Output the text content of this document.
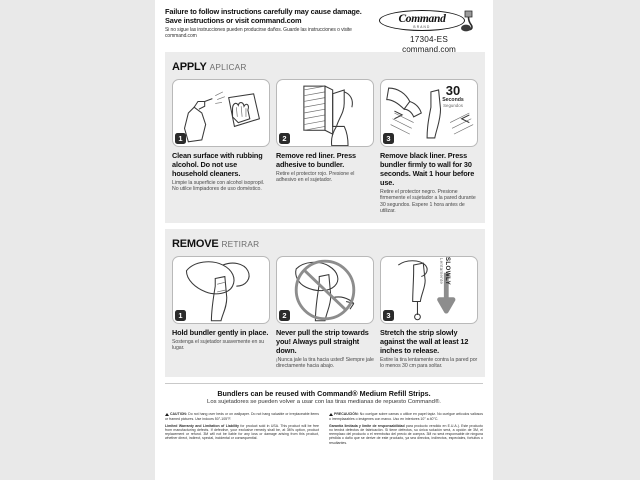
Failure to follow instructions carefully may cause damage. Save instructions or visit command.com
Si no sigue las instrucciones pueden producirse daños. Guarde las instrucciones o visite command.com
Command
BRAND
17304-ES
command.com
APPLY APLICAR
1
Clean surface with rubbing alcohol. Do not use household cleaners.
Limpie la superficie con alcohol isopropil. No utilce limpiadores de uso doméstico.
2
Remove red liner. Press adhesive to bundler.
Retire el protector rojo. Presione el adhesivo en el sujetador.
30
Seconds
Segundos
3
Remove black liner. Press bundler firmly to wall for 30 seconds. Wait 1 hour before use.
Retire el protector negro. Presione firmemente el sujetador a la pared durante 30 segundos. Espere 1 hora antes de utilizar.
REMOVE RETIRAR
1
Hold bundler gently in place.
Sostenga el sujetador suavemente en su lugar.
2
Never pull the strip towards you! Always pull straight down.
¡Nunca jale la tira hacia usted! Siempre jale directamente hacia abajo.
SLOWLY
Lentamente
3
Stretch the strip slowly against the wall at least 12 inches to release.
Estire la tira lentamente contra la pared por lo menos 30 cm para soltar.
Bundlers can be reused with Command® Medium Refill Strips.
Los sujetadores se pueden volver a usar con las tiras medianas de repuesto Command®.
CAUTION: Do not hang over beds or on wallpaper. Do not hang valuable or irreplaceable items or framed pictures. Use indoors 50°-105°F.
Limited Warranty and Limitation of Liability for product sold in USA. This product will be free from manufacturing defects. If defective, your exclusive remedy shall be, at 3M's option, product replacement or refund. 3M will not be liable for any loss or damage arising from this product, whether direct, indirect, special, incidental or consequential.
PRECAUCIÓN: No cuelgue sobre camas o utilice en papel tapiz. No cuelgue artículos valiosos o irremplazables o imágenes con marco. Uso en interiores 10° a 40°C.
Garantía limitada y límite de responsabilidad para producto vendido en E.U.A.). Este producto no tendrá defectos de fabricación. Si tiene defectos, su única solución será, a opción de 3M, el reemplazo del producto o el reembolso del precio de compra. 3M no será responsable de ninguna pérdida o daño que se derive de este producto, ya sea directos, indirectos, especiales, fortuitos o resultantes.
